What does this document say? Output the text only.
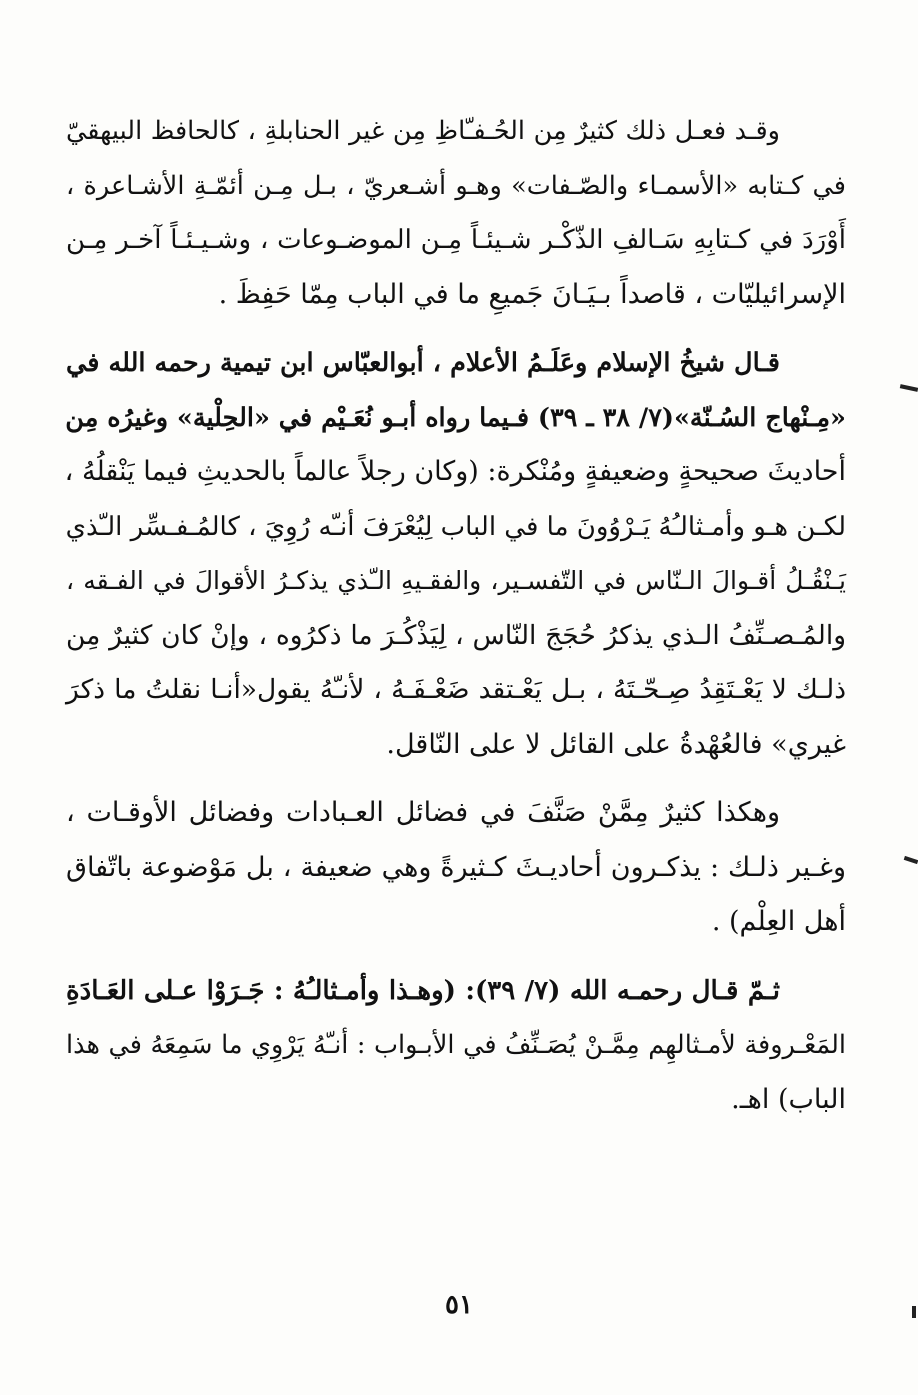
وقـد فعـل ذلك كثيرٌ مِن الحُـفـّاظِ مِن غير الحنابلةِ ، كالحافظ البيهقيّ
في كـتابه «الأسمـاء والصّـفات» وهـو أشـعريّ ، بـل مِـن أئمّـةِ الأشـاعرة ،
أَوْرَدَ في كـتابِهِ سَـالفِ الذّكْـر شـيئـاً مِـن الموضـوعات ، وشـيـئـاً آخـر مِـن
الإسرائيليّات ، قاصداً بـيَـانَ جَميعِ ما في الباب مِمّا حَفِظَ .
قـال شيخُ الإسلام وعَلَـمُ الأعلام ، أبوالعبّاس ابن تيمية رحمه الله في
«مِـنْهاج السُـنّة»(٧/ ٣٨ ـ ٣٩) فـيما رواه أبـو نُعَـيْم في «الحِلْية» وغيرُه مِن
أحاديثَ صحيحةٍ وضعيفةٍ ومُنْكرة: (وكان رجلاً عالماً بالحديثِ فيما يَنْقلُهُ ،
لكـن هـو وأمـثالـُهُ يَـرْوُونَ ما في الباب لِيُعْرَفَ أنـّه رُوِيَ ، كالمُـفـسِّر الـّذي
يَـنْقُـلُ أقـوالَ الـنّاس في التّفسـير، والفقـيهِ الـّذي يذكـرُ الأقوالَ في الفـقه ،
والمُـصـنِّفُ الـذي يذكرُ حُجَجَ النّاس ، لِيَذْكُـرَ ما ذكرُوه ، وإنْ كان كثيرٌ مِن
ذلـك لا يَعْـتَقِدُ صِـحّـتَهُ ، بـل يَعْـتقد ضَعْـفَـهُ ، لأنـّهُ يقول«أنـا نقلتُ ما ذكرَ
غيري» فالعُهْدةُ على القائل لا على النّاقل.
وهكذا كثيرٌ مِمَّنْ صَنَّفَ في فضائل العـبادات وفضائل الأوقـات ،
وغـير ذلـك : يذكـرون أحاديـثَ كـثيرةً وهي ضعيفة ، بل مَوْضوعة باتّفاق
أهل العِلْم) .
ثـمّ قـال رحمـه الله (٧/ ٣٩): (وهـذا وأمـثالـُهُ : جَـرَوْا عـلى العَـادَةِ
المَعْـروفة لأمـثالهِم مِمَّـنْ يُصَـنِّفُ في الأبـواب : أنـّهُ يَرْوِي ما سَمِعَهُ في هذا
الباب) اهـ.
٥١
